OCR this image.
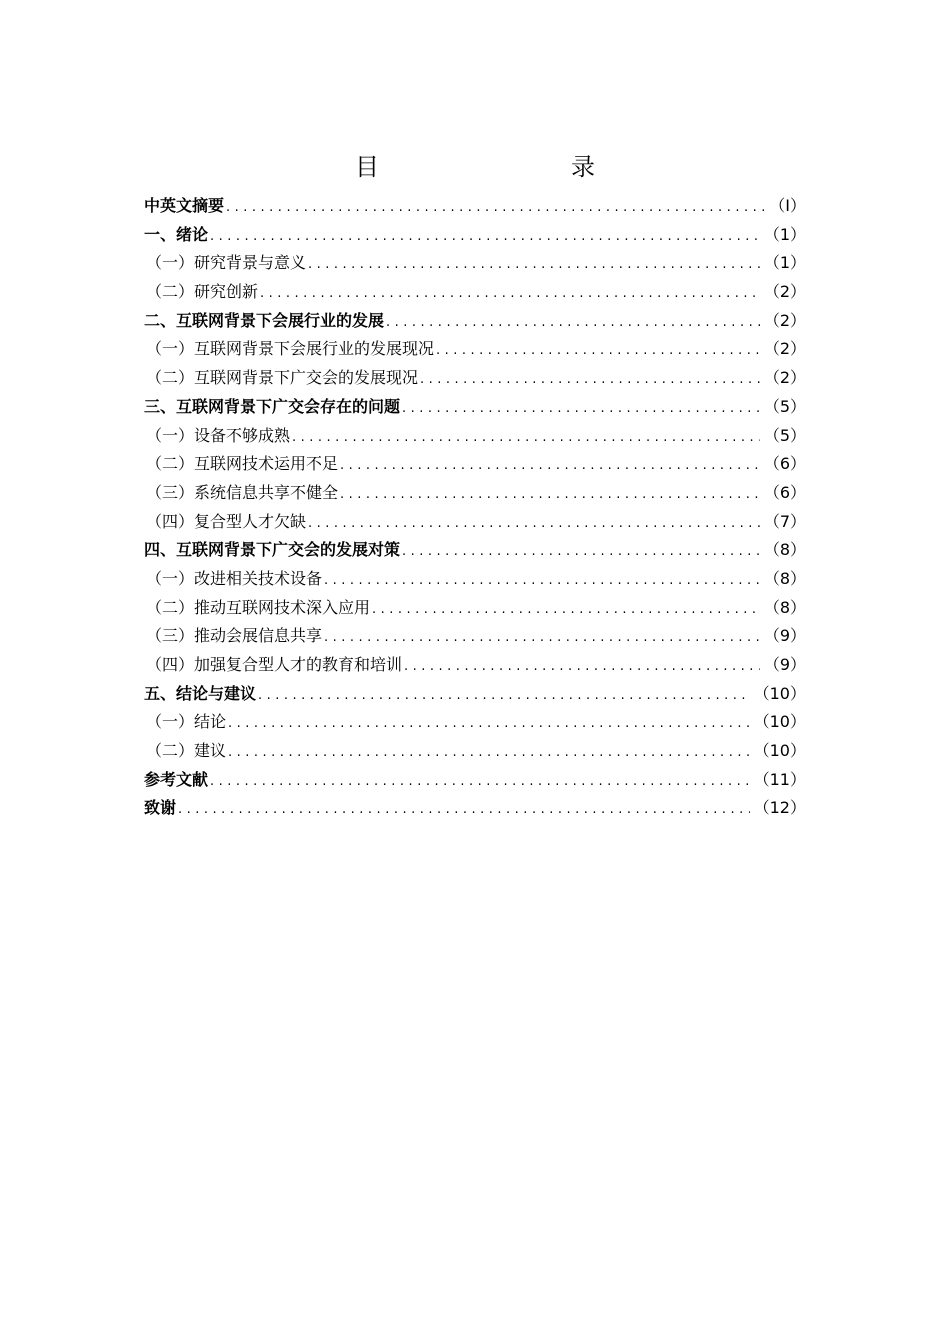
目　　录
中英文摘要 .....	（I）
一、绪论 .....	（1）
（一）研究背景与意义 .....	（1）
（二）研究创新 .....	（2）
二、互联网背景下会展行业的发展 .....	（2）
（一）互联网背景下会展行业的发展现况 .....	（2）
（二）互联网背景下广交会的发展现况 .....	（2）
三、互联网背景下广交会存在的问题 .....	（5）
（一）设备不够成熟 .....	（5）
（二）互联网技术运用不足 .....	（6）
（三）系统信息共享不健全 .....	（6）
（四）复合型人才欠缺 .....	（7）
四、互联网背景下广交会的发展对策 .....	（8）
（一）改进相关技术设备 .....	（8）
（二）推动互联网技术深入应用 .....	（8）
（三）推动会展信息共享 .....	（9）
（四）加强复合型人才的教育和培训 .....	（9）
五、结论与建议 .....	（10）
（一）结论 .....	（10）
（二）建议 .....	（10）
参考文献 .....	（11）
致谢 .....	（12）
